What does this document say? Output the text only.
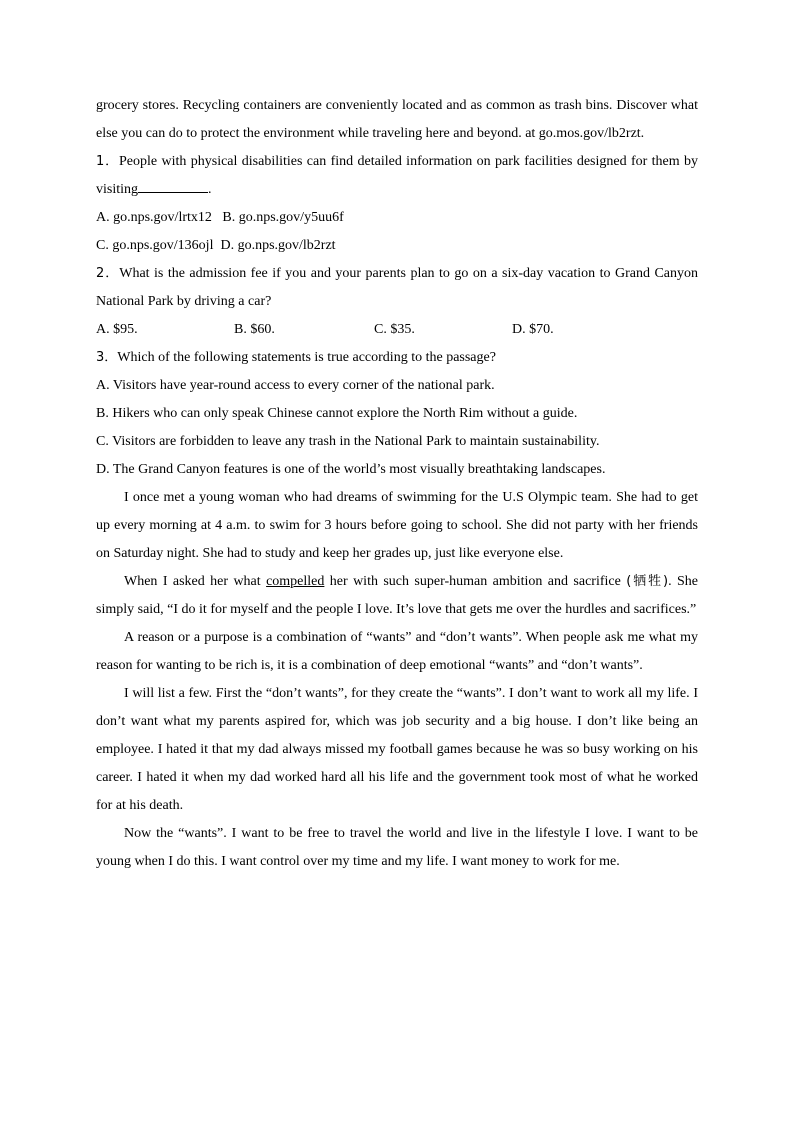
grocery stores. Recycling containers are conveniently located and as common as trash bins. Discover what else you can do to protect the environment while traveling here and beyond. at go.mos.gov/lb2rzt.

1．People with physical disabilities can find detailed information on park facilities designed for them by visiting	.

A. go.nps.gov/lrtx12 B. go.nps.gov/y5uu6f

C. go.nps.gov/136ojl D. go.nps.gov/lb2rzt

2．What is the admission fee if you and your parents plan to go on a six-day vacation to Grand Canyon National Park by driving a car?

A. $95.	B. $60.	C. $35.	D. $70.

3．Which of the following statements is true according to the passage?

A. Visitors have year-round access to every corner of the national park.

B. Hikers who can only speak Chinese cannot explore the North Rim without a guide.

C. Visitors are forbidden to leave any trash in the National Park to maintain sustainability.

D. The Grand Canyon features is one of the world’s most visually breathtaking landscapes.

I once met a young woman who had dreams of swimming for the U.S Olympic team. She had to get up every morning at 4 a.m. to swim for 3 hours before going to school. She did not party with her friends on Saturday night. She had to study and keep her grades up, just like everyone else.

When I asked her what compelled her with such super-human ambition and sacrifice (牺牲). She simply said, “I do it for myself and the people I love. It’s love that gets me over the hurdles and sacrifices.”

A reason or a purpose is a combination of “wants” and “don’t wants”. When people ask me what my reason for wanting to be rich is, it is a combination of deep emotional “wants” and “don’t wants”.

I will list a few. First the “don’t wants”, for they create the “wants”. I don’t want to work all my life. I don’t want what my parents aspired for, which was job security and a big house. I don’t like being an employee. I hated it that my dad always missed my football games because he was so busy working on his career. I hated it when my dad worked hard all his life and the government took most of what he worked for at his death.

Now the “wants”. I want to be free to travel the world and live in the lifestyle I love. I want to be young when I do this. I want control over my time and my life. I want money to work for me.
